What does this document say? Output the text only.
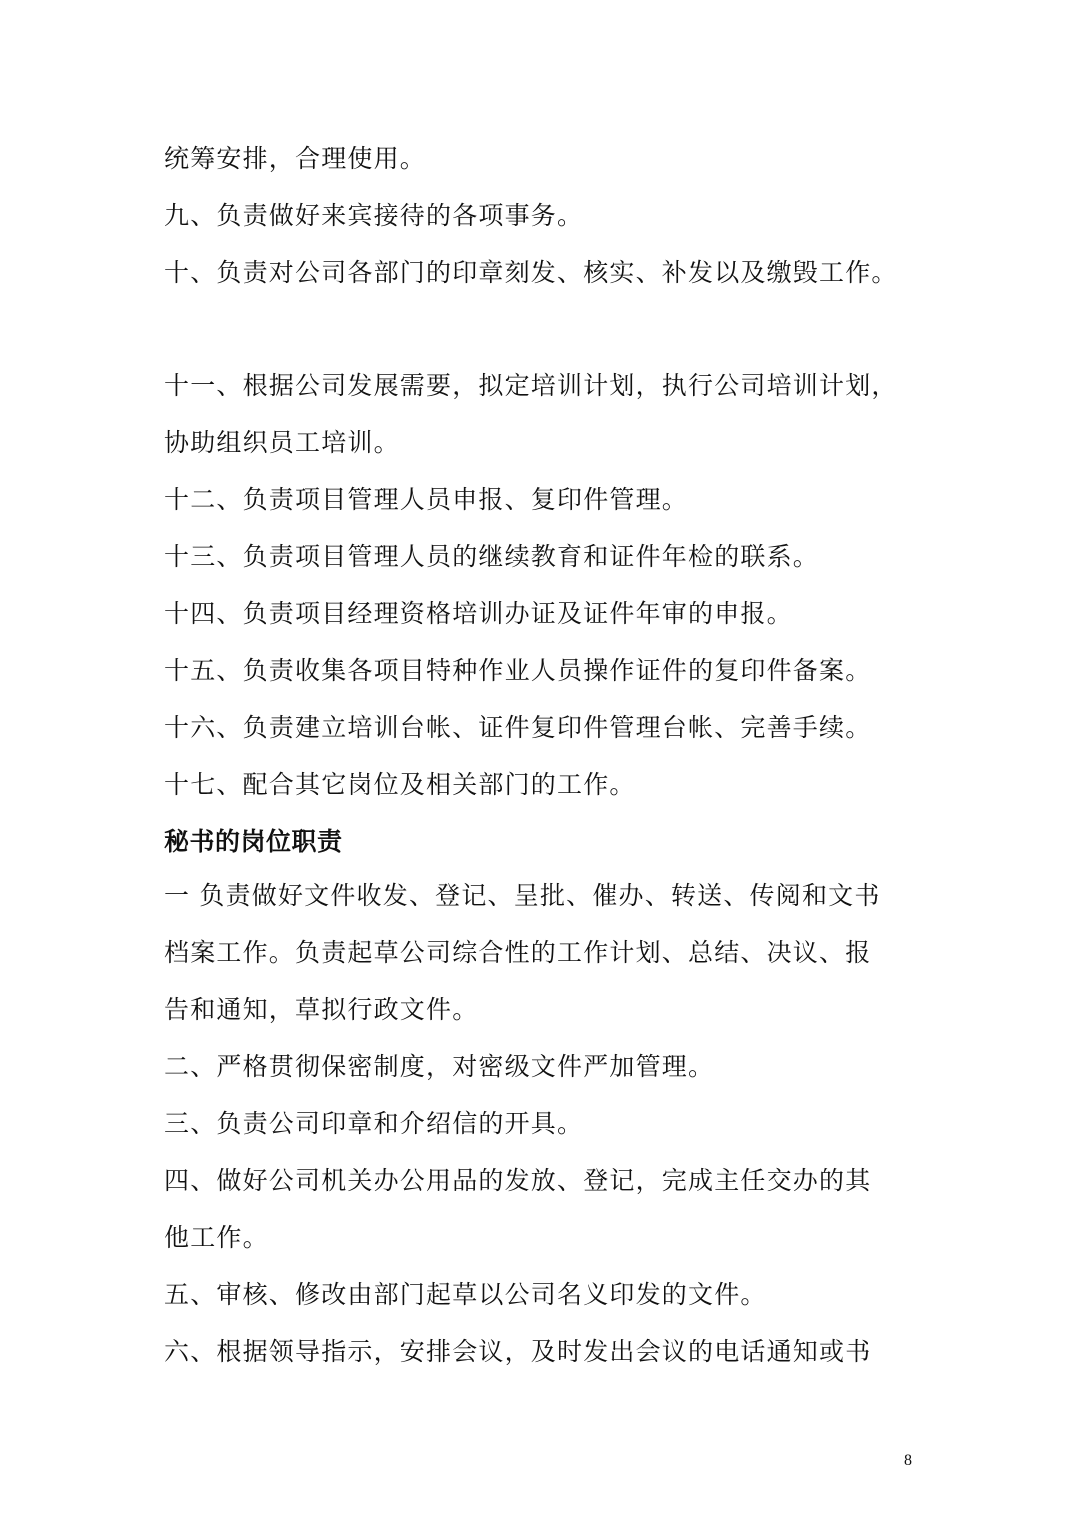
统筹安排，合理使用。
九、负责做好来宾接待的各项事务。
十、负责对公司各部门的印章刻发、核实、补发以及缴毁工作。
十一、根据公司发展需要，拟定培训计划，执行公司培训计划，
协助组织员工培训。
十二、负责项目管理人员申报、复印件管理。
十三、负责项目管理人员的继续教育和证件年检的联系。
十四、负责项目经理资格培训办证及证件年审的申报。
十五、负责收集各项目特种作业人员操作证件的复印件备案。
十六、负责建立培训台帐、证件复印件管理台帐、完善手续。
十七、配合其它岗位及相关部门的工作。
秘书的岗位职责
一 负责做好文件收发、登记、呈批、催办、转送、传阅和文书
档案工作。负责起草公司综合性的工作计划、总结、决议、报
告和通知，草拟行政文件。
二、严格贯彻保密制度，对密级文件严加管理。
三、负责公司印章和介绍信的开具。
四、做好公司机关办公用品的发放、登记，完成主任交办的其
他工作。
五、审核、修改由部门起草以公司名义印发的文件。
六、根据领导指示，安排会议，及时发出会议的电话通知或书
8
